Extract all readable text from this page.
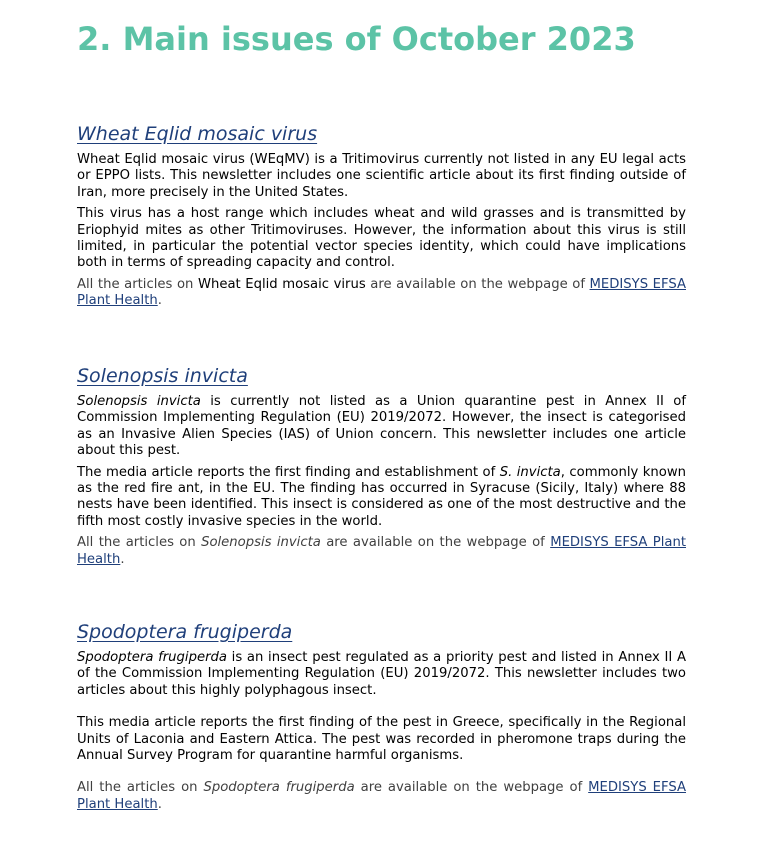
2. Main issues of October 2023
Wheat Eqlid mosaic virus

Wheat Eqlid mosaic virus (WEqMV) is a Tritimovirus currently not listed in any EU legal acts or EPPO lists. This newsletter includes one scientific article about its first finding outside of Iran, more precisely in the United States.

This virus has a host range which includes wheat and wild grasses and is transmitted by Eriophyid mites as other Tritimoviruses. However, the information about this virus is still limited, in particular the potential vector species identity, which could have implications both in terms of spreading capacity and control.

All the articles on Wheat Eqlid mosaic virus are available on the webpage of MEDISYS EFSA Plant Health.

Solenopsis invicta

Solenopsis invicta is currently not listed as a Union quarantine pest in Annex II of Commission Implementing Regulation (EU) 2019/2072. However, the insect is categorised as an Invasive Alien Species (IAS) of Union concern. This newsletter includes one article about this pest.

The media article reports the first finding and establishment of S. invicta, commonly known as the red fire ant, in the EU. The finding has occurred in Syracuse (Sicily, Italy) where 88 nests have been identified. This insect is considered as one of the most destructive and the fifth most costly invasive species in the world.

All the articles on Solenopsis invicta are available on the webpage of MEDISYS EFSA Plant Health.

Spodoptera frugiperda

Spodoptera frugiperda is an insect pest regulated as a priority pest and listed in Annex II A of the Commission Implementing Regulation (EU) 2019/2072. This newsletter includes two articles about this highly polyphagous insect.

This media article reports the first finding of the pest in Greece, specifically in the Regional Units of Laconia and Eastern Attica. The pest was recorded in pheromone traps during the Annual Survey Program for quarantine harmful organisms.

All the articles on Spodoptera frugiperda are available on the webpage of MEDISYS EFSA Plant Health.
